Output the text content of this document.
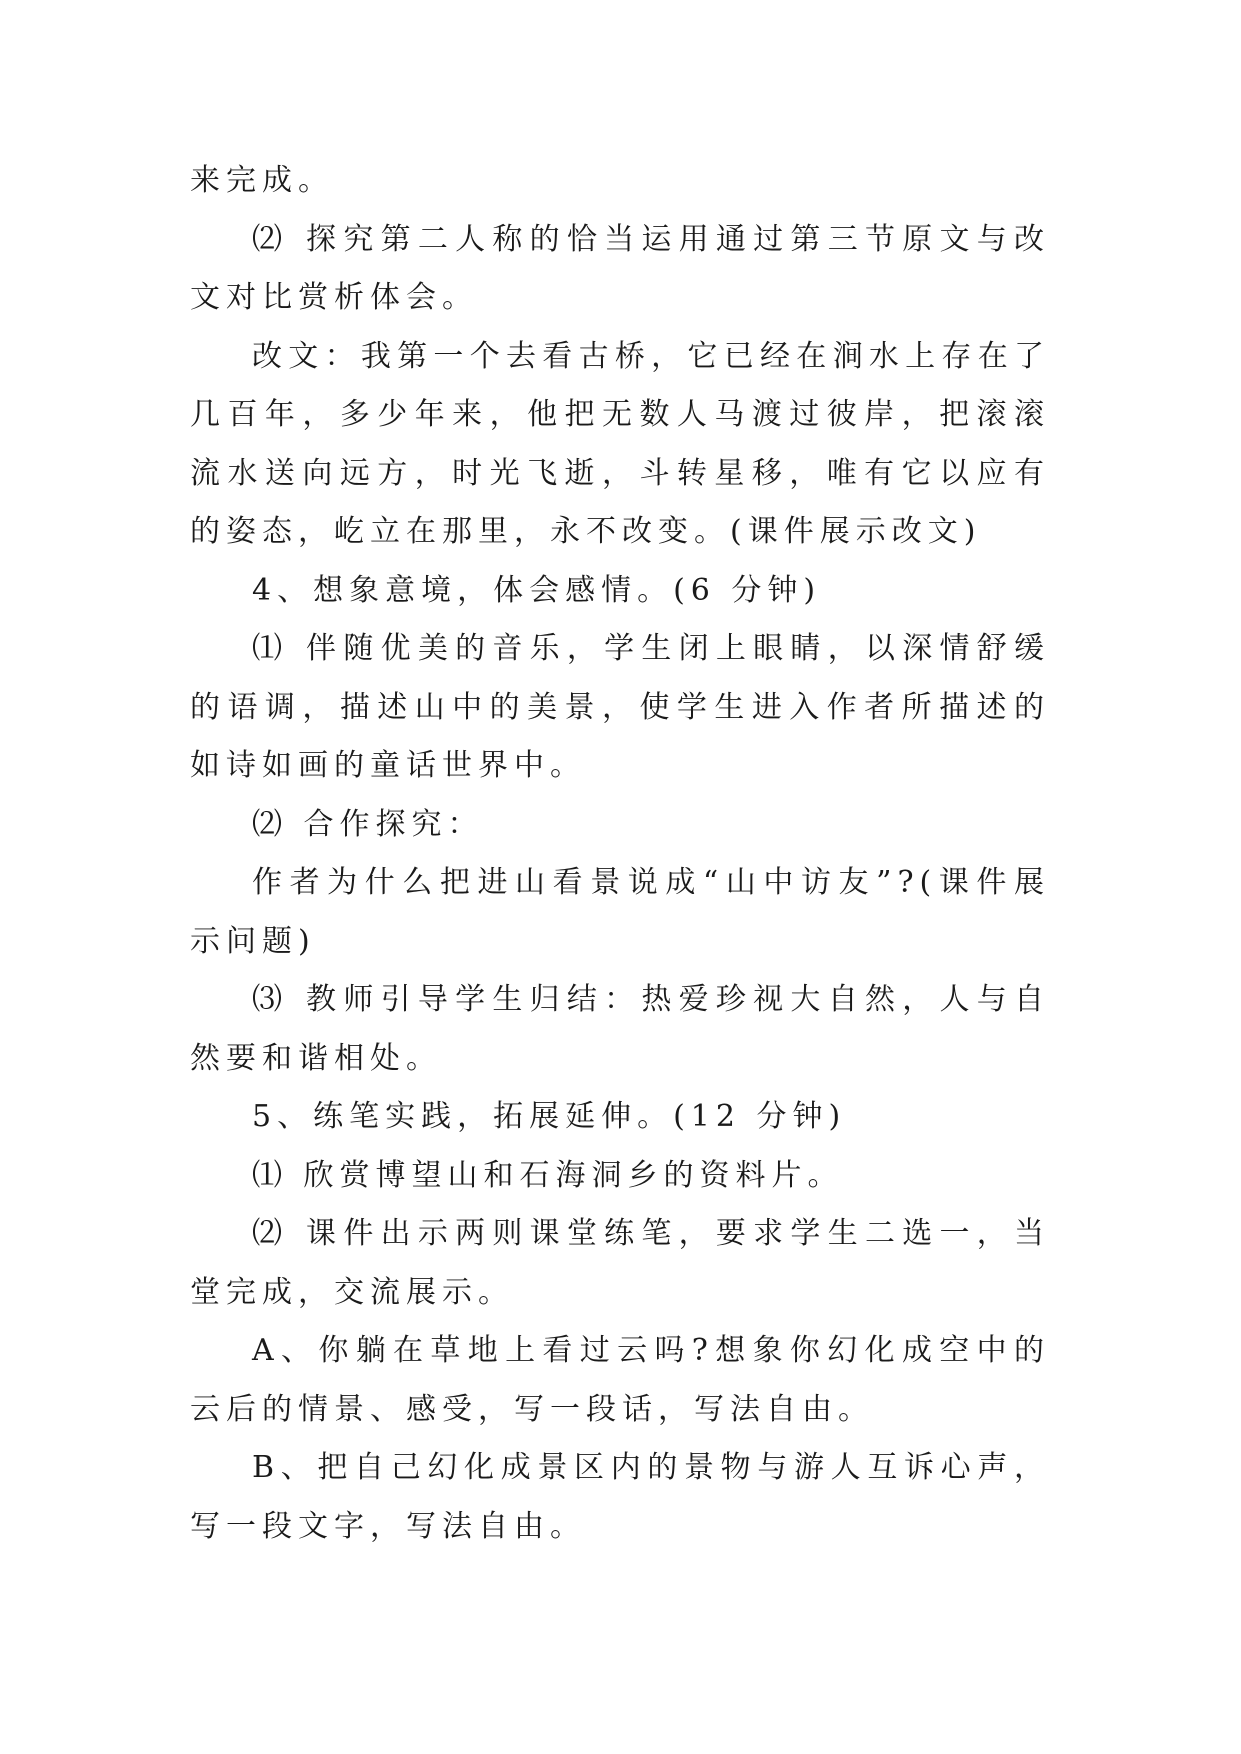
来完成。

⑵ 探究第二人称的恰当运用通过第三节原文与改文对比赏析体会。

改文：我第一个去看古桥，它已经在涧水上存在了几百年，多少年来，他把无数人马渡过彼岸，把滚滚流水送向远方，时光飞逝，斗转星移，唯有它以应有的姿态，屹立在那里，永不改变。(课件展示改文)

4、想象意境，体会感情。(6 分钟)

⑴ 伴随优美的音乐，学生闭上眼睛，以深情舒缓的语调，描述山中的美景，使学生进入作者所描述的如诗如画的童话世界中。

⑵ 合作探究：

作者为什么把进山看景说成“山中访友”?(课件展示问题)

⑶ 教师引导学生归结：热爱珍视大自然，人与自然要和谐相处。

5、练笔实践，拓展延伸。(12 分钟)

⑴ 欣赏博望山和石海洞乡的资料片。

⑵ 课件出示两则课堂练笔，要求学生二选一，当堂完成，交流展示。

A、你躺在草地上看过云吗?想象你幻化成空中的云后的情景、感受，写一段话，写法自由。

B、把自己幻化成景区内的景物与游人互诉心声，写一段文字，写法自由。
